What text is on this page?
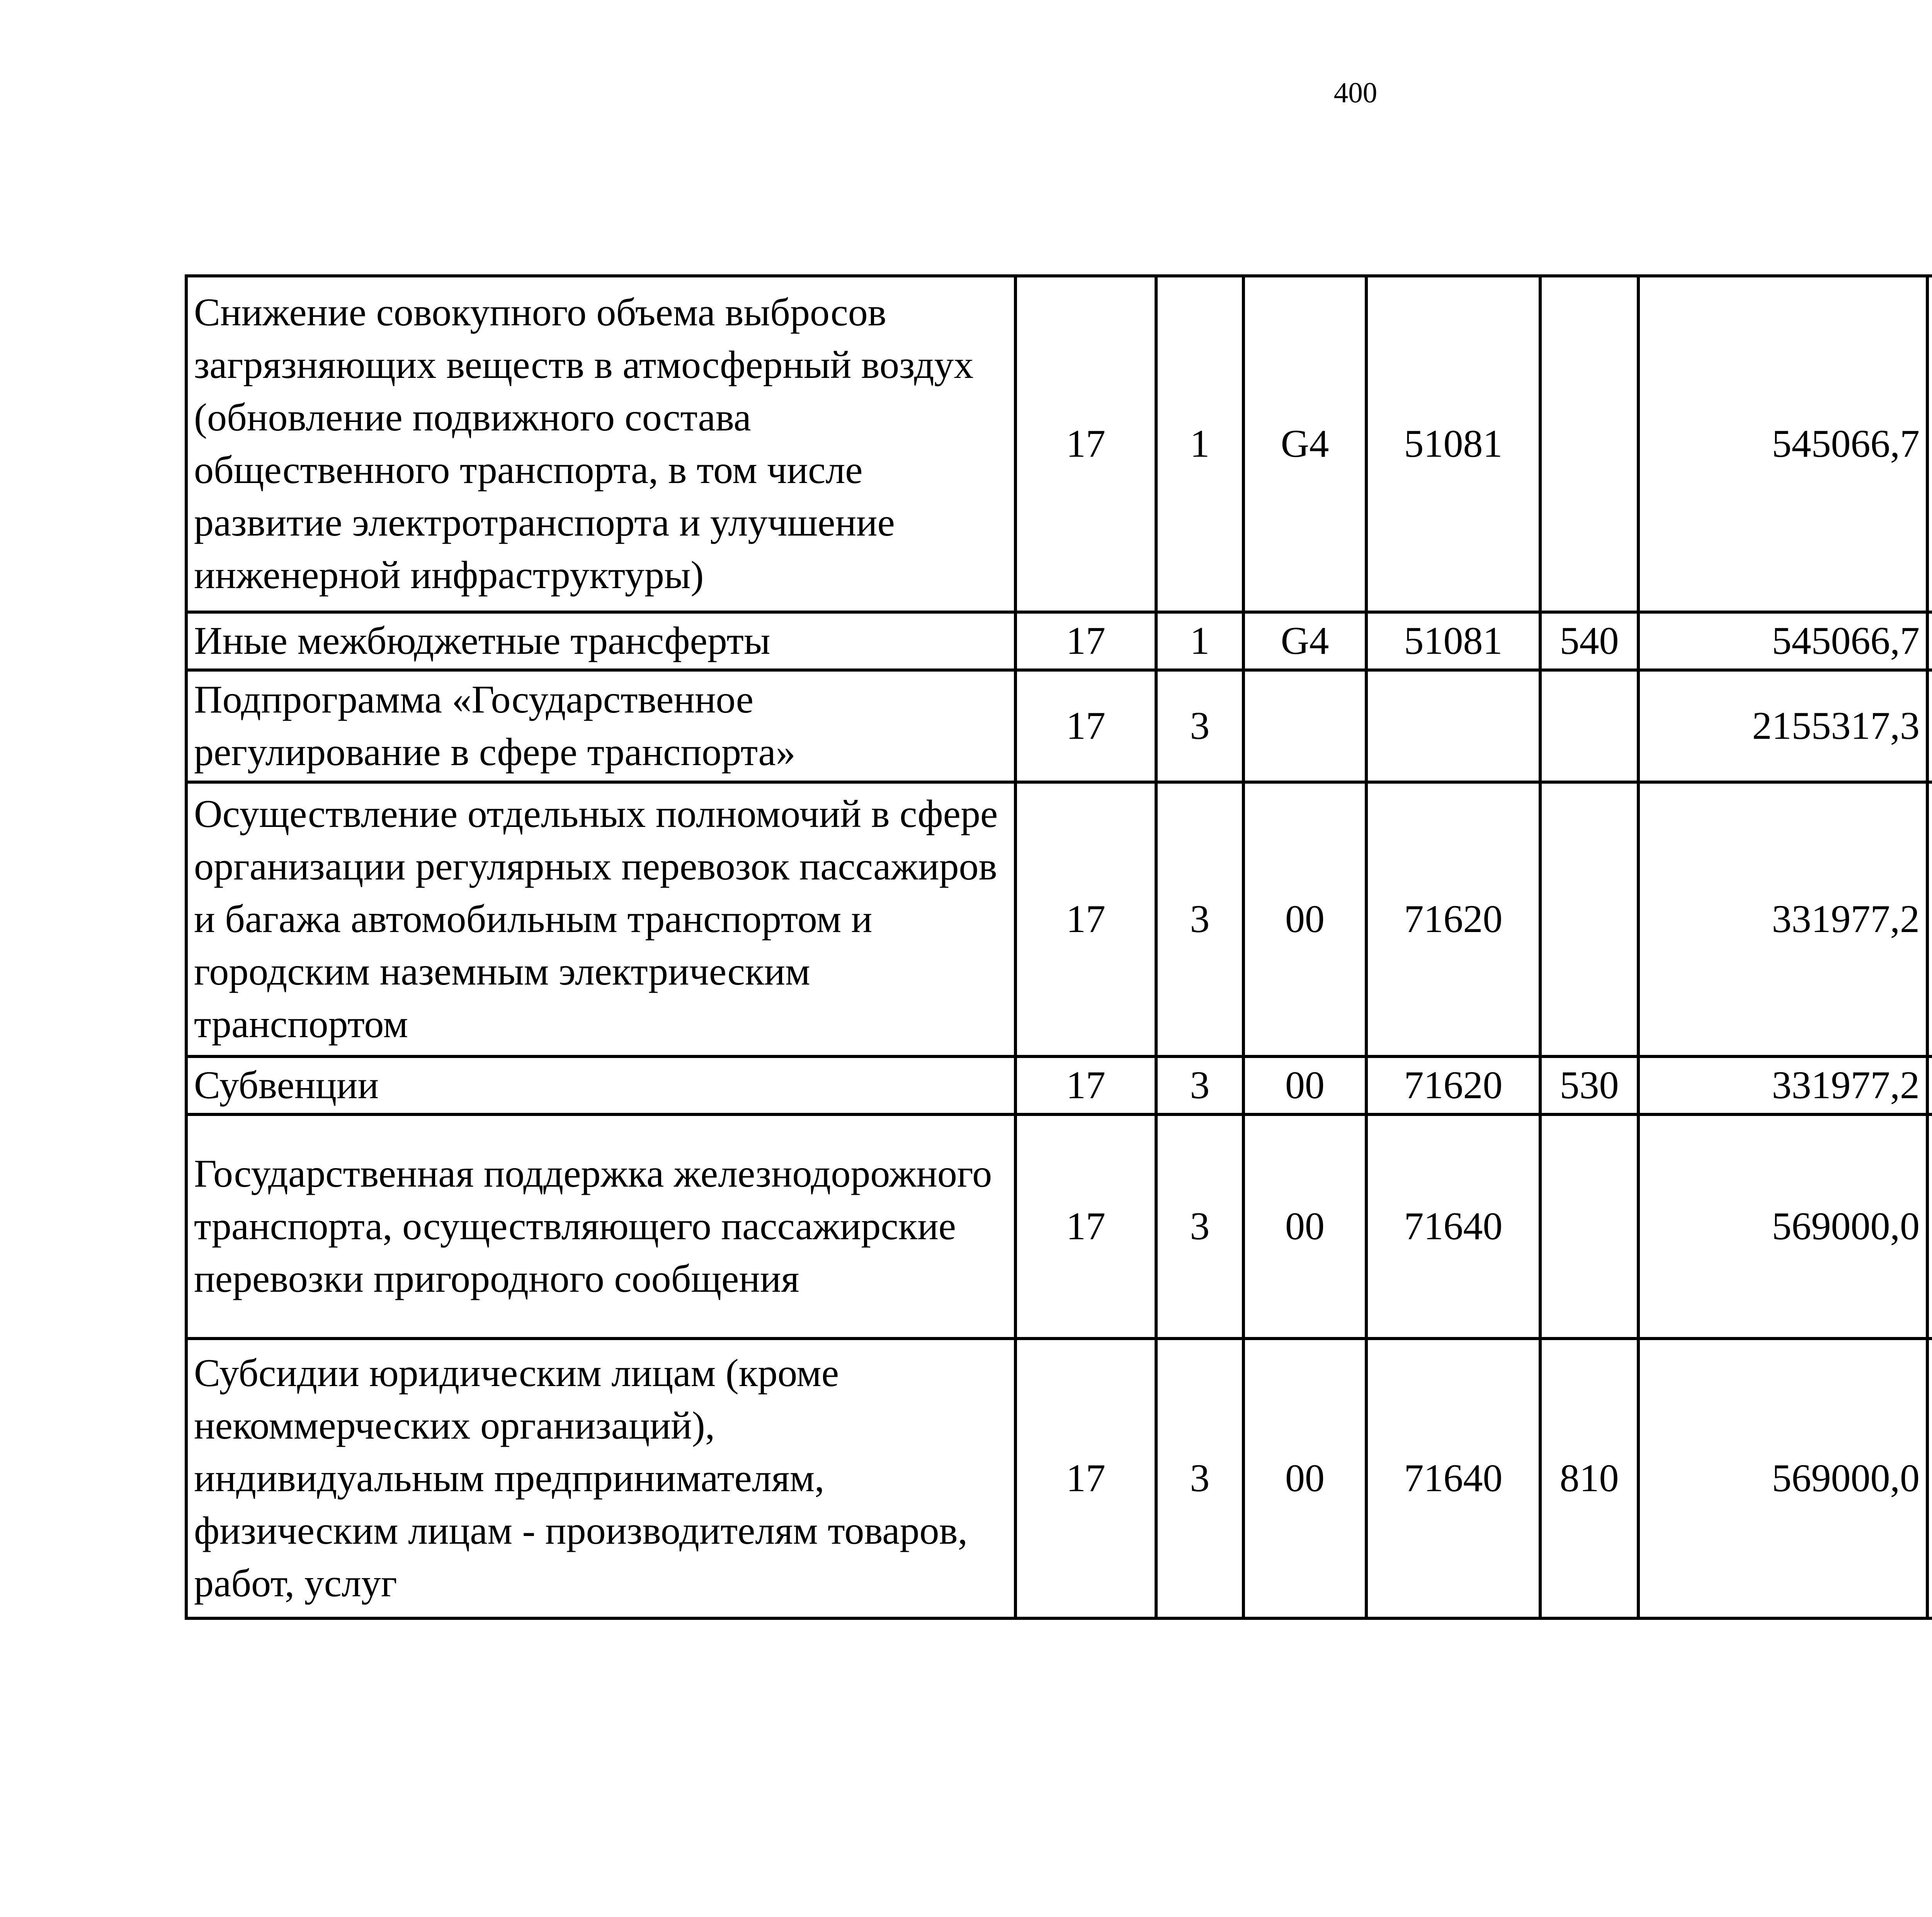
400
Снижение совокупного объема выбросов загрязняющих веществ в атмосферный воздух (обновление подвижного состава общественного транспорта, в том числе развитие электротранспорта и улучшение инженерной инфраструктуры)	17	1	G4	51081		545066,7		
Иные межбюджетные трансферты	17	1	G4	51081	540	545066,7		
Подпрограмма «Государственное регулирование в сфере транспорта»	17	3				2155317,3		
Осуществление отдельных полномочий в сфере организации регулярных перевозок пассажиров и багажа автомобильным транспортом и городским наземным электрическим транспортом	17	3	00	71620		331977,2		
Субвенции	17	3	00	71620	530	331977,2		
Государственная поддержка железнодорожного транспорта, осуществляющего пассажирские перевозки пригородного сообщения	17	3	00	71640		569000,0		
Субсидии юридическим лицам (кроме некоммерческих организаций), индивидуальным предпринимателям, физическим лицам - производителям товаров, работ, услуг	17	3	00	71640	810	569000,0		
